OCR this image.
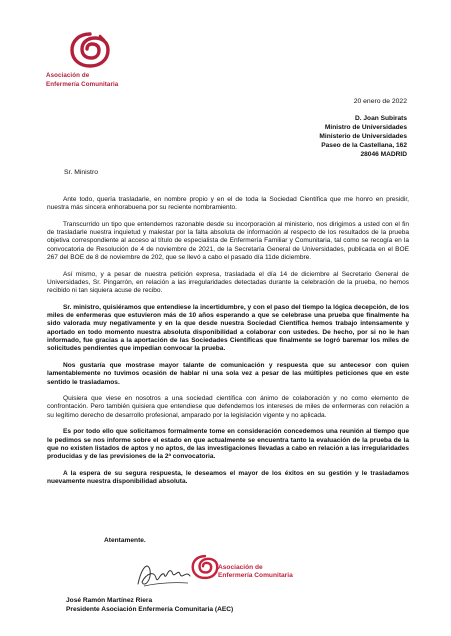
Asociación de
Enfermería Comunitaria
20 enero de 2022
D. Joan Subirats
Ministro de Universidades
Ministerio de Universidades
Paseo de la Castellana, 162
28046 MADRID
Sr. Ministro

Ante todo, quería trasladarle, en nombre propio y en el de toda la Sociedad Científica que me honro en presidir, nuestra más sincera enhorabuena por su reciente nombramiento.

Transcurrido un tipo que entendemos razonable desde su incorporación al ministerio, nos dirigimos a usted con el fin de trasladarle nuestra inquietud y malestar por la falta absoluta de información al respecto de los resultados de la prueba objetiva correspondiente al acceso al título de especialista de Enfermería Familiar y Comunitaria, tal como se recogía en la convocatoria de Resolución de 4 de noviembre de 2021, de la Secretaría General de Universidades, publicada en el BOE 267 del BOE de 8 de noviembre de 202, que se llevó a cabo el pasado día 11de diciembre.

Así mismo, y a pesar de nuestra petición expresa, trasladada el día 14 de diciembre al Secretario General de Universidades, Sr. Pingarrón, en relación a las irregularidades detectadas durante la celebración de la prueba, no hemos recibido ni tan siquiera acuse de recibo.

Sr. ministro, quisiéramos que entendiese la incertidumbre, y con el paso del tiempo la lógica decepción, de los miles de enfermeras que estuvieron más de 10 años esperando a que se celebrase una prueba que finalmente ha sido valorada muy negativamente y en la que desde nuestra Sociedad Científica hemos trabajo intensamente y aportado en todo momento nuestra absoluta disponibilidad a colaborar con ustedes. De hecho, por si no le han informado, fue gracias a la aportación de las Sociedades Científicas que finalmente se logró baremar los miles de solicitudes pendientes que impedían convocar la prueba.

Nos gustaría que mostrase mayor talante de comunicación y respuesta que su antecesor con quien lamentablemente no tuvimos ocasión de hablar ni una sola vez a pesar de las múltiples peticiones que en este sentido le trasladamos.

Quisiera que viese en nosotros a una sociedad científica con ánimo de colaboración y no como elemento de confrontación. Pero también quisiera que entendiese que defendemos los intereses de miles de enfermeras con relación a su legítimo derecho de desarrollo profesional, amparado por la legislación vigente y no aplicada.

Es por todo ello que solicitamos formalmente tome en consideración concedemos una reunión al tiempo que le pedimos se nos informe sobre el estado en que actualmente se encuentra tanto la evaluación de la prueba de la que no existen listados de aptos y no aptos, de las investigaciones llevadas a cabo en relación a las irregularidades producidas y de las previsiones de la 2ª convocatoria.

A la espera de su segura respuesta, le deseamos el mayor de los éxitos en su gestión y le trasladamos nuevamente nuestra disponibilidad absoluta.

Atentamente.
Asociación de
Enfermería Comunitaria
José Ramón Martínez Riera
Presidente Asociación Enfermería Comunitaria (AEC)
